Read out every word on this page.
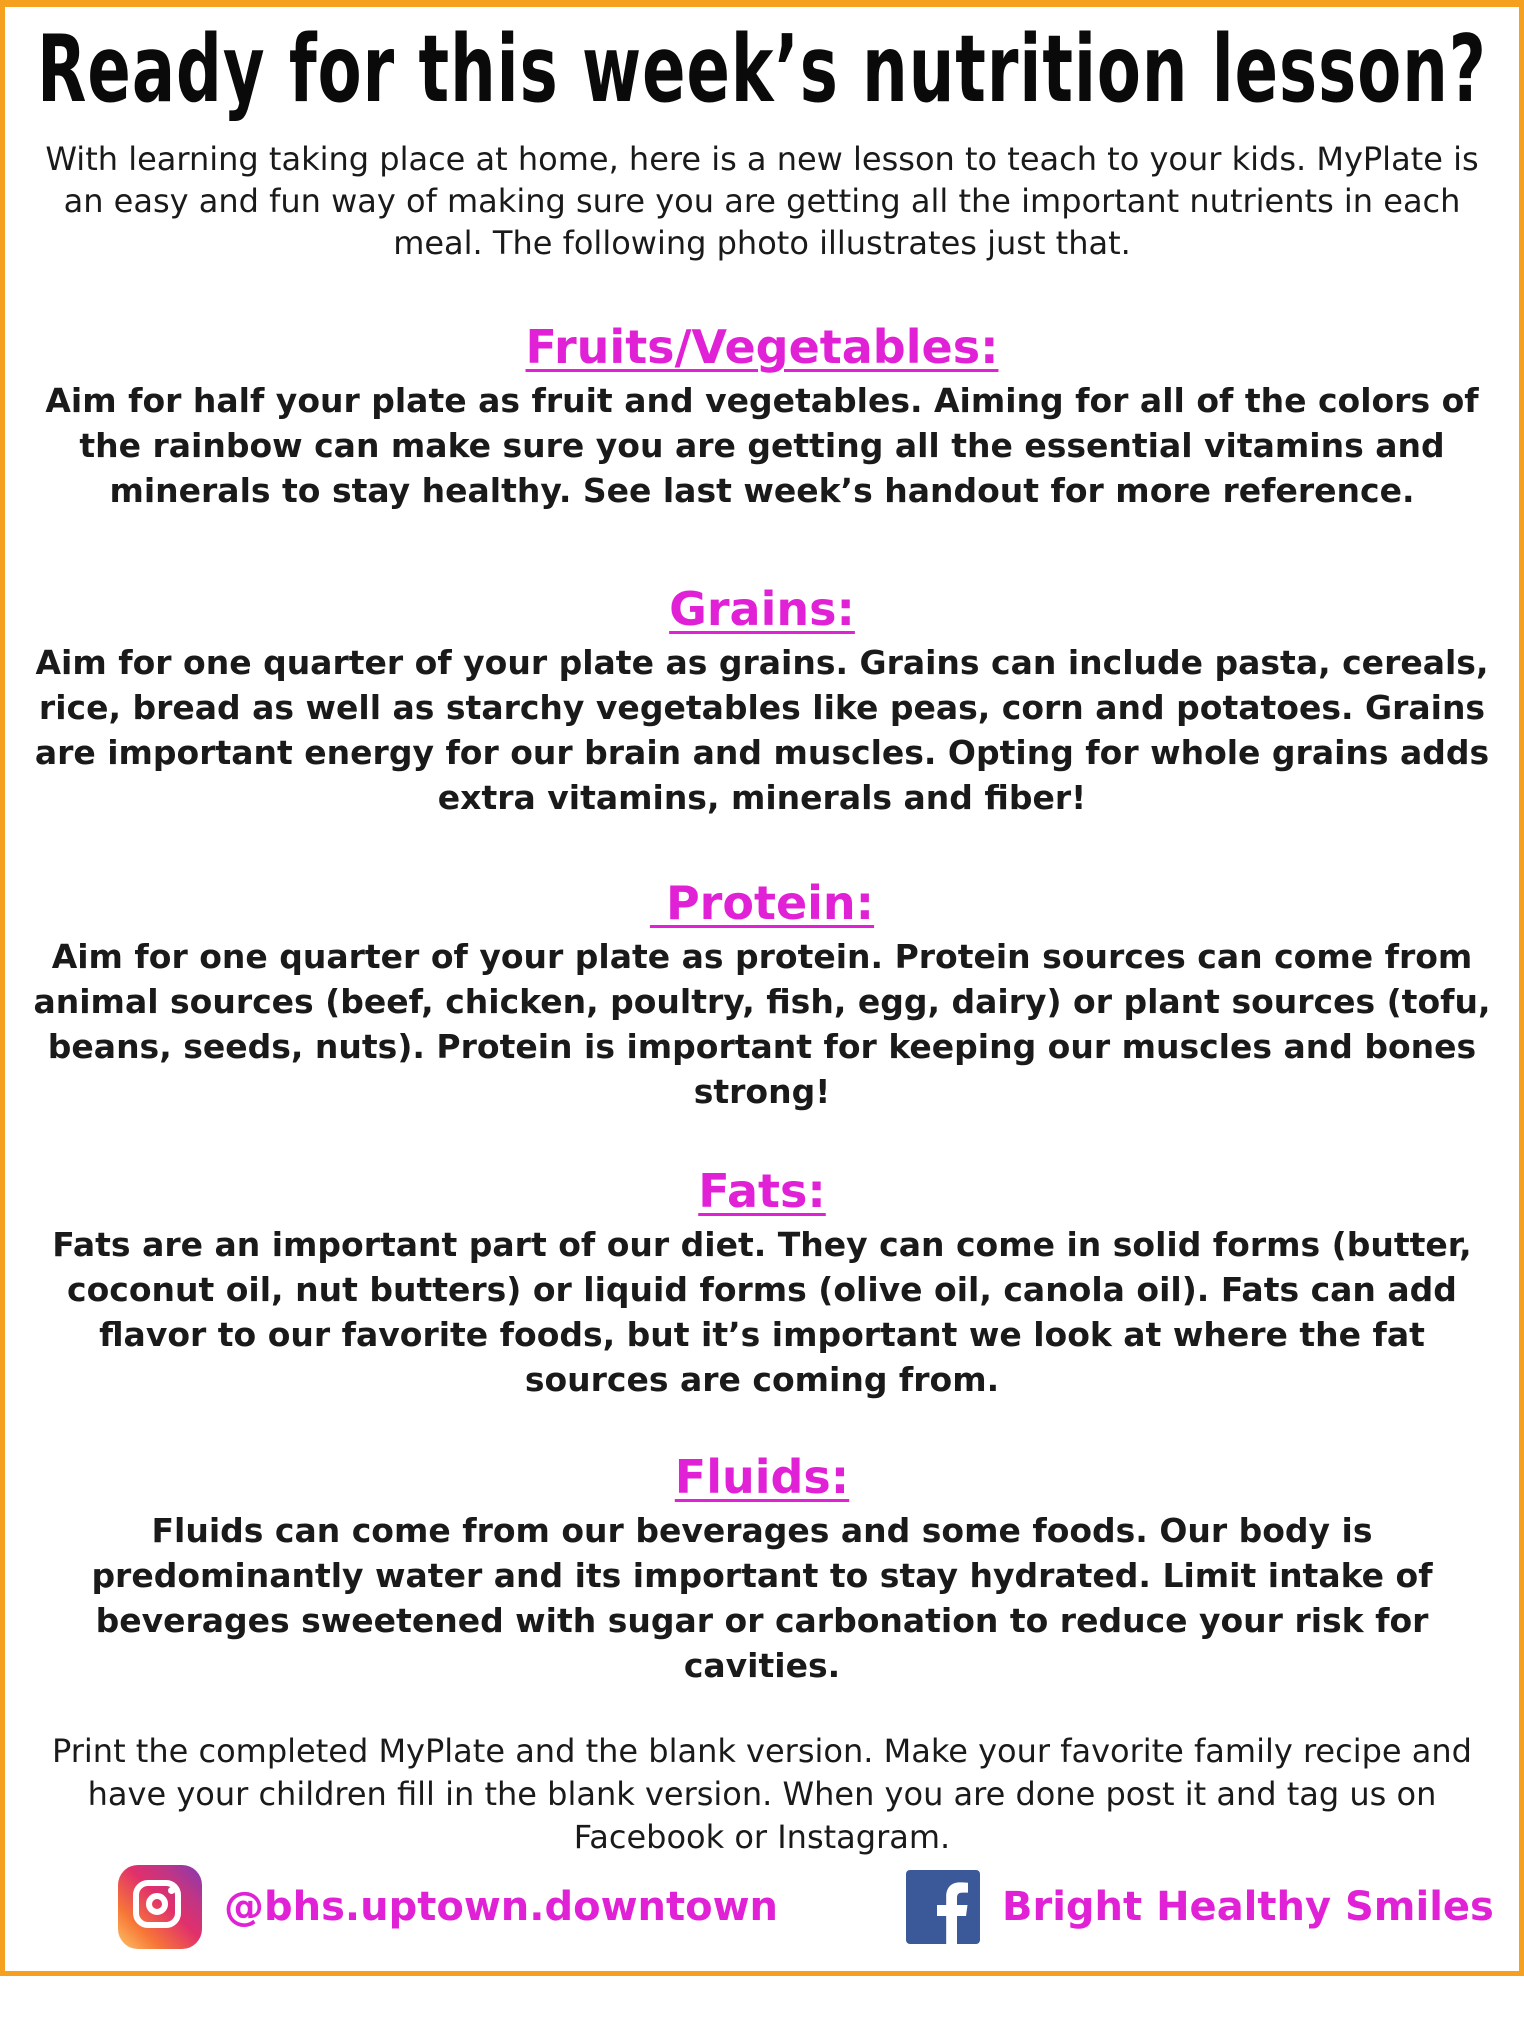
Ready for this week’s nutrition lesson?
With learning taking place at home, here is a new lesson to teach to your kids. MyPlate is an easy and fun way of making sure you are getting all the important nutrients in each meal. The following photo illustrates just that.
Fruits/Vegetables:
Aim for half your plate as fruit and vegetables. Aiming for all of the colors of the rainbow can make sure you are getting all the essential vitamins and minerals to stay healthy. See last week’s handout for more reference.
Grains:
Aim for one quarter of your plate as grains. Grains can include pasta, cereals, rice, bread as well as starchy vegetables like peas, corn and potatoes. Grains are important energy for our brain and muscles. Opting for whole grains adds extra vitamins, minerals and fiber!
Protein:
Aim for one quarter of your plate as protein. Protein sources can come from animal sources (beef, chicken, poultry, fish, egg, dairy) or plant sources (tofu, beans, seeds, nuts). Protein is important for keeping our muscles and bones strong!
Fats:
Fats are an important part of our diet. They can come in solid forms (butter, coconut oil, nut butters) or liquid forms (olive oil, canola oil). Fats can add flavor to our favorite foods, but it’s important we look at where the fat sources are coming from.
Fluids:
Fluids can come from our beverages and some foods. Our body is predominantly water and its important to stay hydrated. Limit intake of beverages sweetened with sugar or carbonation to reduce your risk for cavities.
Print the completed MyPlate and the blank version. Make your favorite family recipe and have your children fill in the blank version. When you are done post it and tag us on Facebook or Instagram.
@bhs.uptown.downtown	Bright Healthy Smiles
